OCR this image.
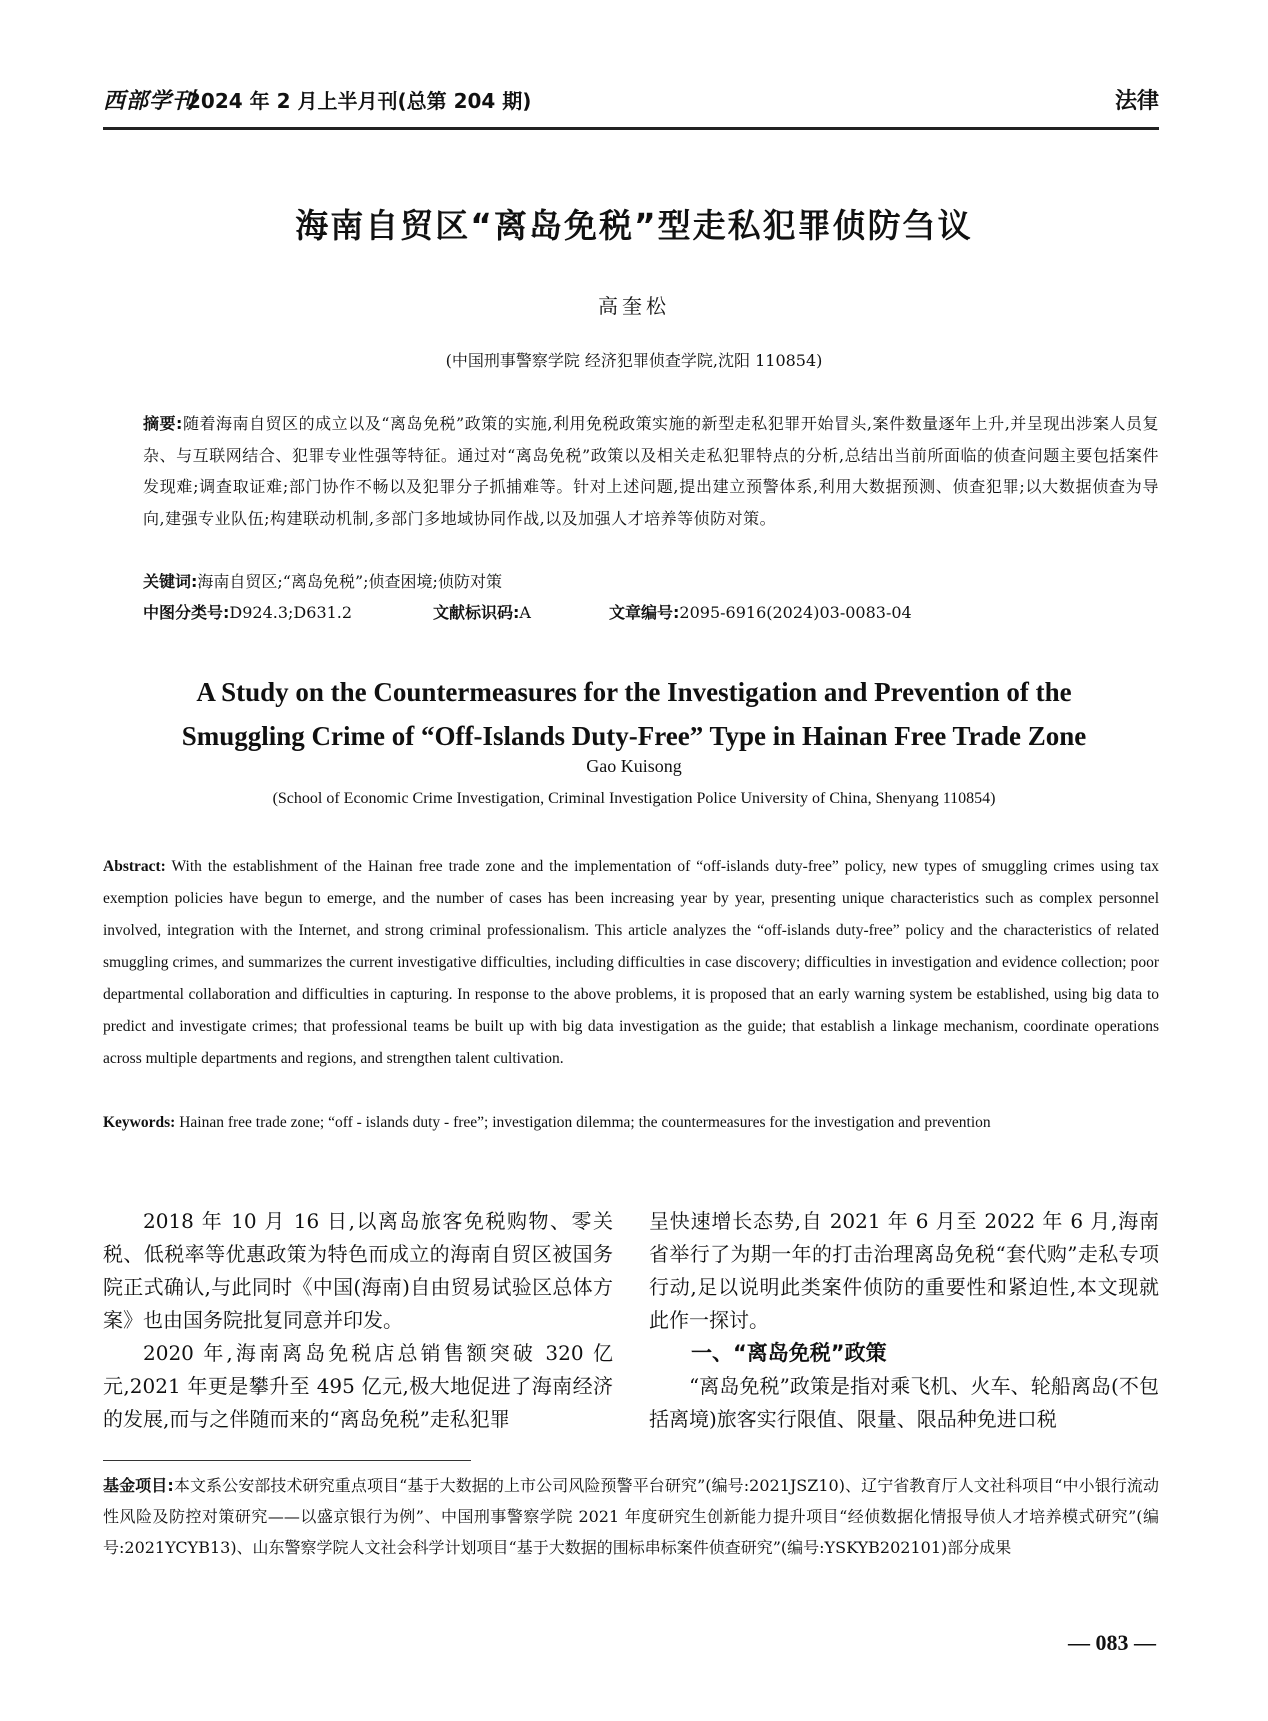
西部学刊
2024 年 2 月上半月刊(总第 204 期)	法律
海南自贸区“离岛免税”型走私犯罪侦防刍议
高奎松
(中国刑事警察学院 经济犯罪侦查学院,沈阳 110854)
摘要:随着海南自贸区的成立以及“离岛免税”政策的实施,利用免税政策实施的新型走私犯罪开始冒头,案件数量逐年上升,并呈现出涉案人员复杂、与互联网结合、犯罪专业性强等特征。通过对“离岛免税”政策以及相关走私犯罪特点的分析,总结出当前所面临的侦查问题主要包括案件发现难;调查取证难;部门协作不畅以及犯罪分子抓捕难等。针对上述问题,提出建立预警体系,利用大数据预测、侦查犯罪;以大数据侦查为导向,建强专业队伍;构建联动机制,多部门多地域协同作战,以及加强人才培养等侦防对策。
关键词:海南自贸区;“离岛免税”;侦查困境;侦防对策
中图分类号:D924.3;D631.2	文献标识码:A	文章编号:2095-6916(2024)03-0083-04
A Study on the Countermeasures for the Investigation and Prevention of the
Smuggling Crime of “Off-Islands Duty-Free” Type in Hainan Free Trade Zone
Gao Kuisong
(School of Economic Crime Investigation, Criminal Investigation Police University of China, Shenyang 110854)
Abstract: With the establishment of the Hainan free trade zone and the implementation of “off-islands duty-free” policy, new types of smuggling crimes using tax exemption policies have begun to emerge, and the number of cases has been increasing year by year, presenting unique characteristics such as complex personnel involved, integration with the Internet, and strong criminal professionalism. This article analyzes the “off-islands duty-free” policy and the characteristics of related smuggling crimes, and summarizes the current investigative difficulties, including difficulties in case discovery; difficulties in investigation and evidence collection; poor departmental collaboration and difficulties in capturing. In response to the above problems, it is proposed that an early warning system be established, using big data to predict and investigate crimes; that professional teams be built up with big data investigation as the guide; that establish a linkage mechanism, coordinate operations across multiple departments and regions, and strengthen talent cultivation.
Keywords: Hainan free trade zone; “off - islands duty - free”; investigation dilemma; the countermeasures for the investigation and prevention

2018 年 10 月 16 日,以离岛旅客免税购物、零关税、低税率等优惠政策为特色而成立的海南自贸区被国务院正式确认,与此同时《中国(海南)自由贸易试验区总体方案》也由国务院批复同意并印发。

2020 年,海南离岛免税店总销售额突破 320 亿元,2021 年更是攀升至 495 亿元,极大地促进了海南经济的发展,而与之伴随而来的“离岛免税”走私犯罪

呈快速增长态势,自 2021 年 6 月至 2022 年 6 月,海南省举行了为期一年的打击治理离岛免税“套代购”走私专项行动,足以说明此类案件侦防的重要性和紧迫性,本文现就此作一探讨。

一、“离岛免税”政策

“离岛免税”政策是指对乘飞机、火车、轮船离岛(不包括离境)旅客实行限值、限量、限品种免进口税

基金项目:本文系公安部技术研究重点项目“基于大数据的上市公司风险预警平台研究”(编号:2021JSZ10)、辽宁省教育厅人文社科项目“中小银行流动性风险及防控对策研究——以盛京银行为例”、中国刑事警察学院 2021 年度研究生创新能力提升项目“经侦数据化情报导侦人才培养模式研究”(编号:2021YCYB13)、山东警察学院人文社会科学计划项目“基于大数据的围标串标案件侦查研究”(编号:YSKYB202101)部分成果
— 083 —
